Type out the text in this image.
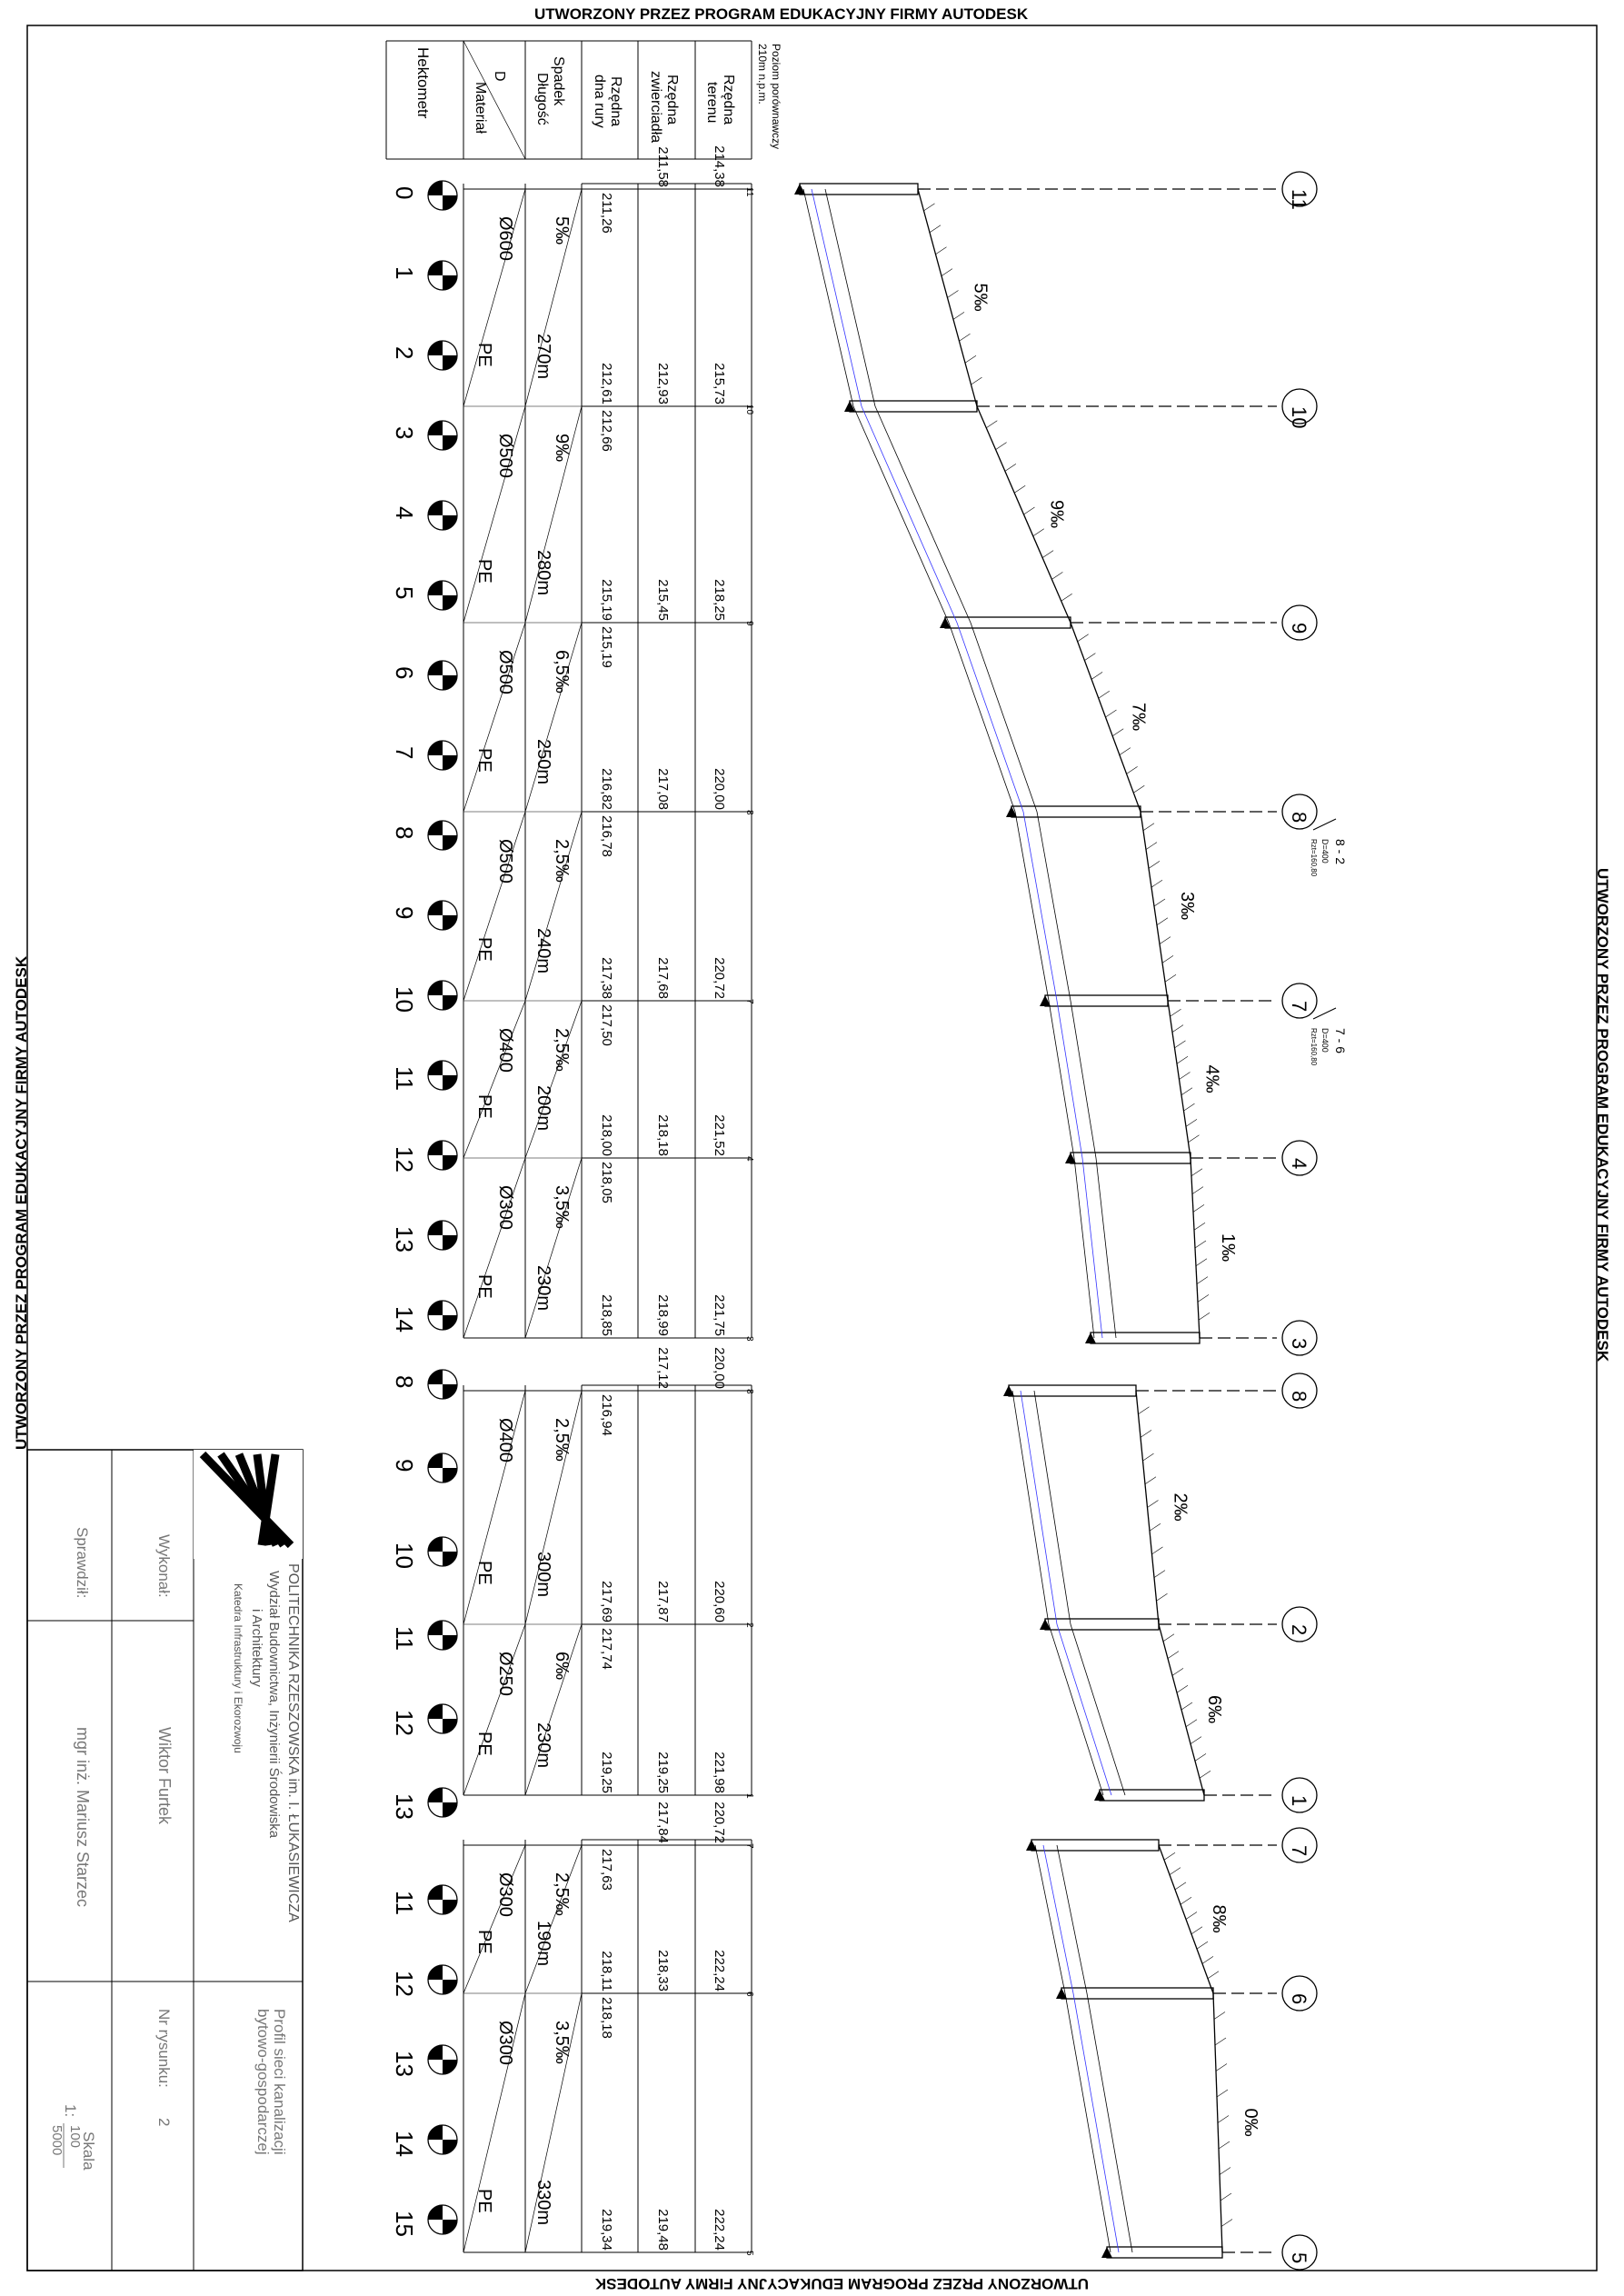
UTWORZONY PRZEZ PROGRAM EDUKACYJNY FIRMY AUTODESK
UTWORZONY PRZEZ PROGRAM EDUKACYJNY FIRMY AUTODESK
UTWORZONY PRZEZ PROGRAM EDUKACYJNY FIRMY AUTODESK	UTWORZONY PRZEZ PROGRAM EDUKACYJNY FIRMY AUTODESK
Rzędna
terenu
Rzędna
zwierciadła
Rzędna
dna rury
Spadek
Długość
D
Materiał
Hektometr	Poziom porównawczy
210m n.p.m.
11
11
214,38
211,58
211,26
10
10
215,73
212,93
212,61
212,66
9
9
218,25
215,45
215,19
215,19
8
8
220,00
217,08
216,82
216,78
7
7
220,72
217,68
217,38
217,50
4
4
221,52
218,18
218,00
218,05
3
3
221,75
218,99
218,85
5‰
5‰
270m
Ø600
PE
9‰
9‰
280m
Ø500
PE
7‰
6,5‰
250m
Ø500
PE
3‰
2,5‰
240m
Ø500
PE
4‰
2,5‰
200m
Ø400
PE
1‰
3,5‰
230m
Ø300
PE
0
1
2
3
4
5
6
7
8
9
10
11
12
13
14
8 - 2
D=400
Rzt=160,80
7 - 6
D=400
Rzt=160,80
8
8
220,00
217,12
216,94
2
2
220,60
217,87
217,69
217,74
1
1
221,98
219,25
219,25
2‰
2,5‰
300m
Ø400
PE
6‰
6‰
230m
Ø250
PE
8
9
10
11
12
13
7
7
220,72
217,84
217,63
6
6
222,24
218,33
218,11
218,18
5
5
222,24
219,48
219,34
8‰
2,5‰
190m
Ø300
PE
0‰
3,5‰
330m
Ø300
PE
11
12
13
14
15
POLITECHNIKA RZESZOWSKA im. I. ŁUKASIEWICZA
Wydział Budownictwa, Inżynierii Środowiska
i Architektury
Katedra Infrastruktury i Ekorozwoju
Wykonał:
Wiktor Furtek
Sprawdził:
mgr inż. Mariusz Starzec
Profil sieci kanalizacji
bytowo-gospodarczej
Nr rysunku:
2
Skala
1:
100
5000
